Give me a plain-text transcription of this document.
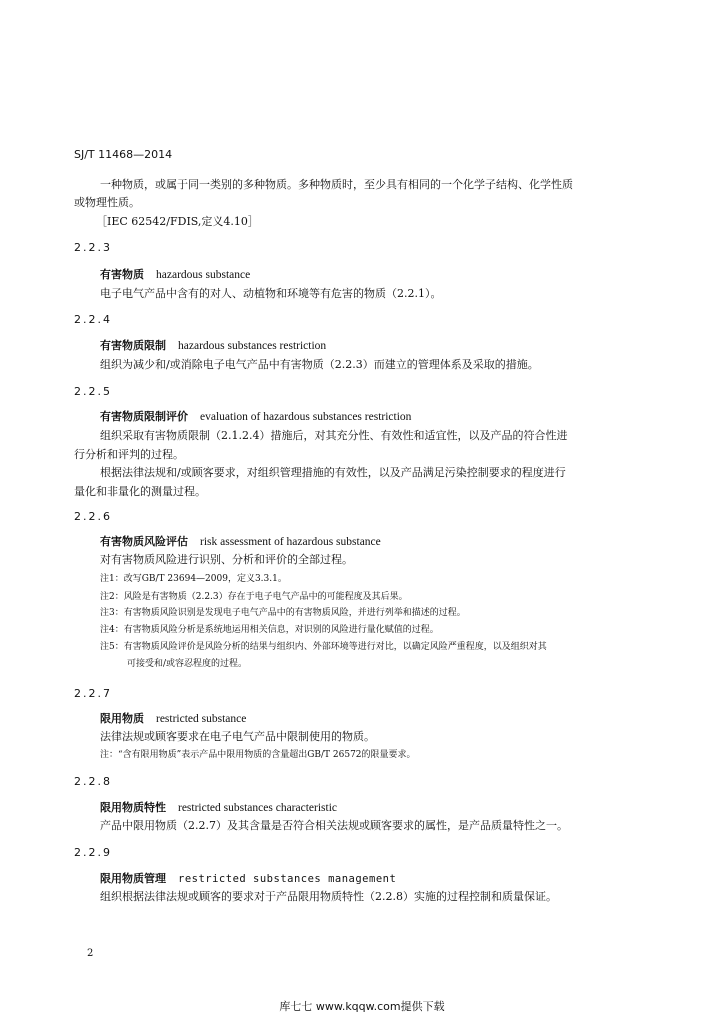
SJ/T 11468—2014
一种物质，或属于同一类别的多种物质。多种物质时，至少具有相同的一个化学子结构、化学性质
或物理性质。
［IEC 62542/FDIS,定义4.10］
2.2.3
有害物质 hazardous substance
电子电气产品中含有的对人、动植物和环境等有危害的物质（2.2.1）。
2.2.4
有害物质限制 hazardous substances restriction
组织为减少和/或消除电子电气产品中有害物质（2.2.3）而建立的管理体系及采取的措施。
2.2.5
有害物质限制评价 evaluation of hazardous substances restriction
组织采取有害物质限制（2.1.2.4）措施后，对其充分性、有效性和适宜性，以及产品的符合性进
行分析和评判的过程。
根据法律法规和/或顾客要求，对组织管理措施的有效性，以及产品满足污染控制要求的程度进行
量化和非量化的测量过程。
2.2.6
有害物质风险评估 risk assessment of hazardous substance
对有害物质风险进行识别、分析和评价的全部过程。
注1：改写GB/T 23694—2009，定义3.3.1。
注2：风险是有害物质（2.2.3）存在于电子电气产品中的可能程度及其后果。
注3：有害物质风险识别是发现电子电气产品中的有害物质风险，并进行列举和描述的过程。
注4：有害物质风险分析是系统地运用相关信息，对识别的风险进行量化赋值的过程。
注5：有害物质风险评价是风险分析的结果与组织内、外部环境等进行对比，以确定风险严重程度，以及组织对其
可接受和/或容忍程度的过程。
2.2.7
限用物质 restricted substance
法律法规或顾客要求在电子电气产品中限制使用的物质。
注：“含有限用物质”表示产品中限用物质的含量超出GB/T 26572的限量要求。
2.2.8
限用物质特性 restricted substances characteristic
产品中限用物质（2.2.7）及其含量是否符合相关法规或顾客要求的属性，是产品质量特性之一。
2.2.9
限用物质管理 restricted substances management
组织根据法律法规或顾客的要求对于产品限用物质特性（2.2.8）实施的过程控制和质量保证。
2
库七七 www.kqqw.com提供下载
